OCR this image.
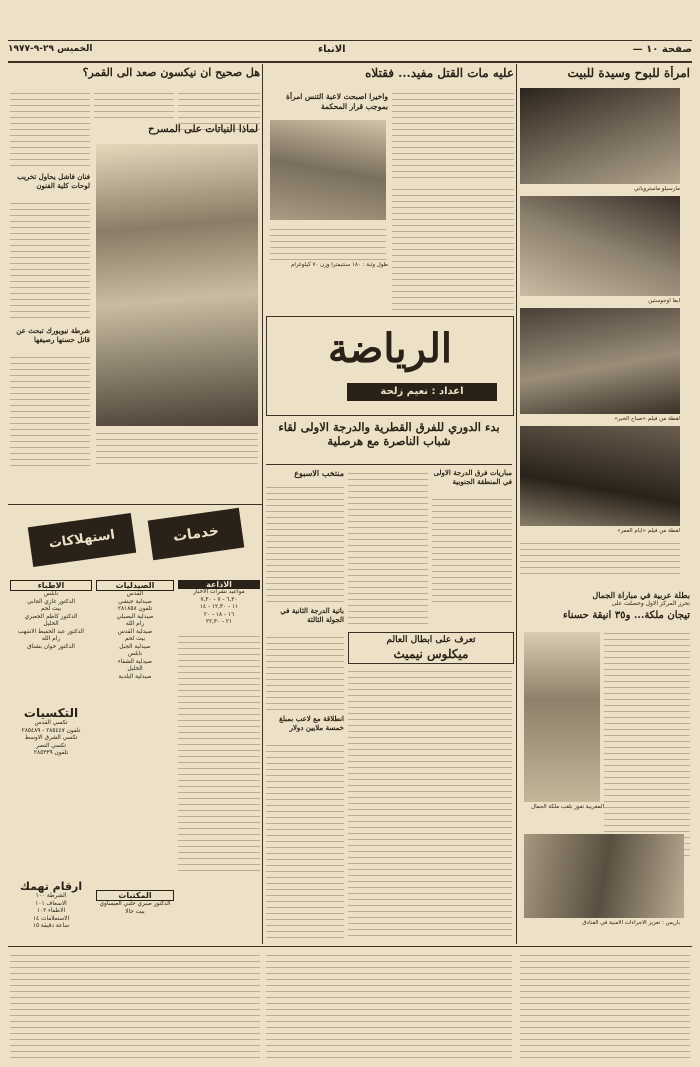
صفحة ١٠ —
الانباء
الخميس ٢٩-٩-١٩٧٧
امرأة للبوح وسيدة للبيت
مارسيلو ماستروياني
ايفا اوجوستين
لقطة من فيلم «صباح الخير»
لقطة من فيلم «ايام العمر»
بطلة عربية في مباراة الجمال
تحرز المركز الاول وحصلت على
تيجان ملكة... و٣٥ أنيقة حسناء
المغربية تفوز بلقب ملكة الجمال
باريس : تعزيز الاجراءات الامنية في الفنادق
عليه مات القتل مفيد... فقتلاه
واخيرا اصبحت لاعبة التنس امرأة بموجب قرار المحكمة
طول وثبة : ١٨٠ سنتيمترا وزن ٧٠ كيلوغرام
الرياضة
اعداد : نعيم زلحة
بدء الدوري للفرق القطرية والدرجة الاولى لقاء شباب الناصرة مع هرصلية
منتخب الاسبوع	مباريات فرق الدرجة الاولى في المنطقة الجنوبية
باتية الدرجة الثانية في الجولة الثالثة
انطلاقة مع لاعب بمبلغ خمسة ملايين دولار
تعرف على ابطال العالم
ميكلوس نيميث
هل صحيح ان نيكسون صعد الى القمر؟
لماذا النباتات على المسرح
فنان فاشل يحاول تخريب لوحات كلية الفنون
شرطة نيويورك تبحث عن قاتل حسنها رصيفها
خدمات
استهلاكات
الاذاعة
مواعيد نشرات الاخبار
٦,٣٠ - ٧ - ٧,٣٠
١١ - ١٢,٣٠ - ١٤
١٦ - ١٨ - ٢٠
٢١ - ٢٢,٣٠
الصيدليات
القدس
صيدلية جبشي
تلفون ٢٨١٨٥٨
صيدلية البصيلي
رام الله
صيدلية القدس
بيت لحم
صيدلية الجبل
نابلس
صيدلية الشفاء
الخليل
صيدلية البلدية
المكتبات
الدكتور صبري حلبي العيساوي
بيت حالا
الاطباء
نابلس
الدكتور غازي الجابي
بيت لحم
الدكتور كاظم الجعبري
الخليل
الدكتور عبد الحفيظ الاشهب
رام الله
الدكتور خوان بشناق
التكسيات
تكسي القدس
تلفون ٢٨٥٤٤٧ - ٢٨٥٤٨٩
تكسي الشرق الاوسط
تكسي النصر
تلفون ٢٨٥٣٣٩
ارقام تهمك
الشرطة ١٠٠
الاسعاف ١٠١
الاطفاء ١٠٢
الاستعلامات ١٤
ساعة دقيقة ١٥
